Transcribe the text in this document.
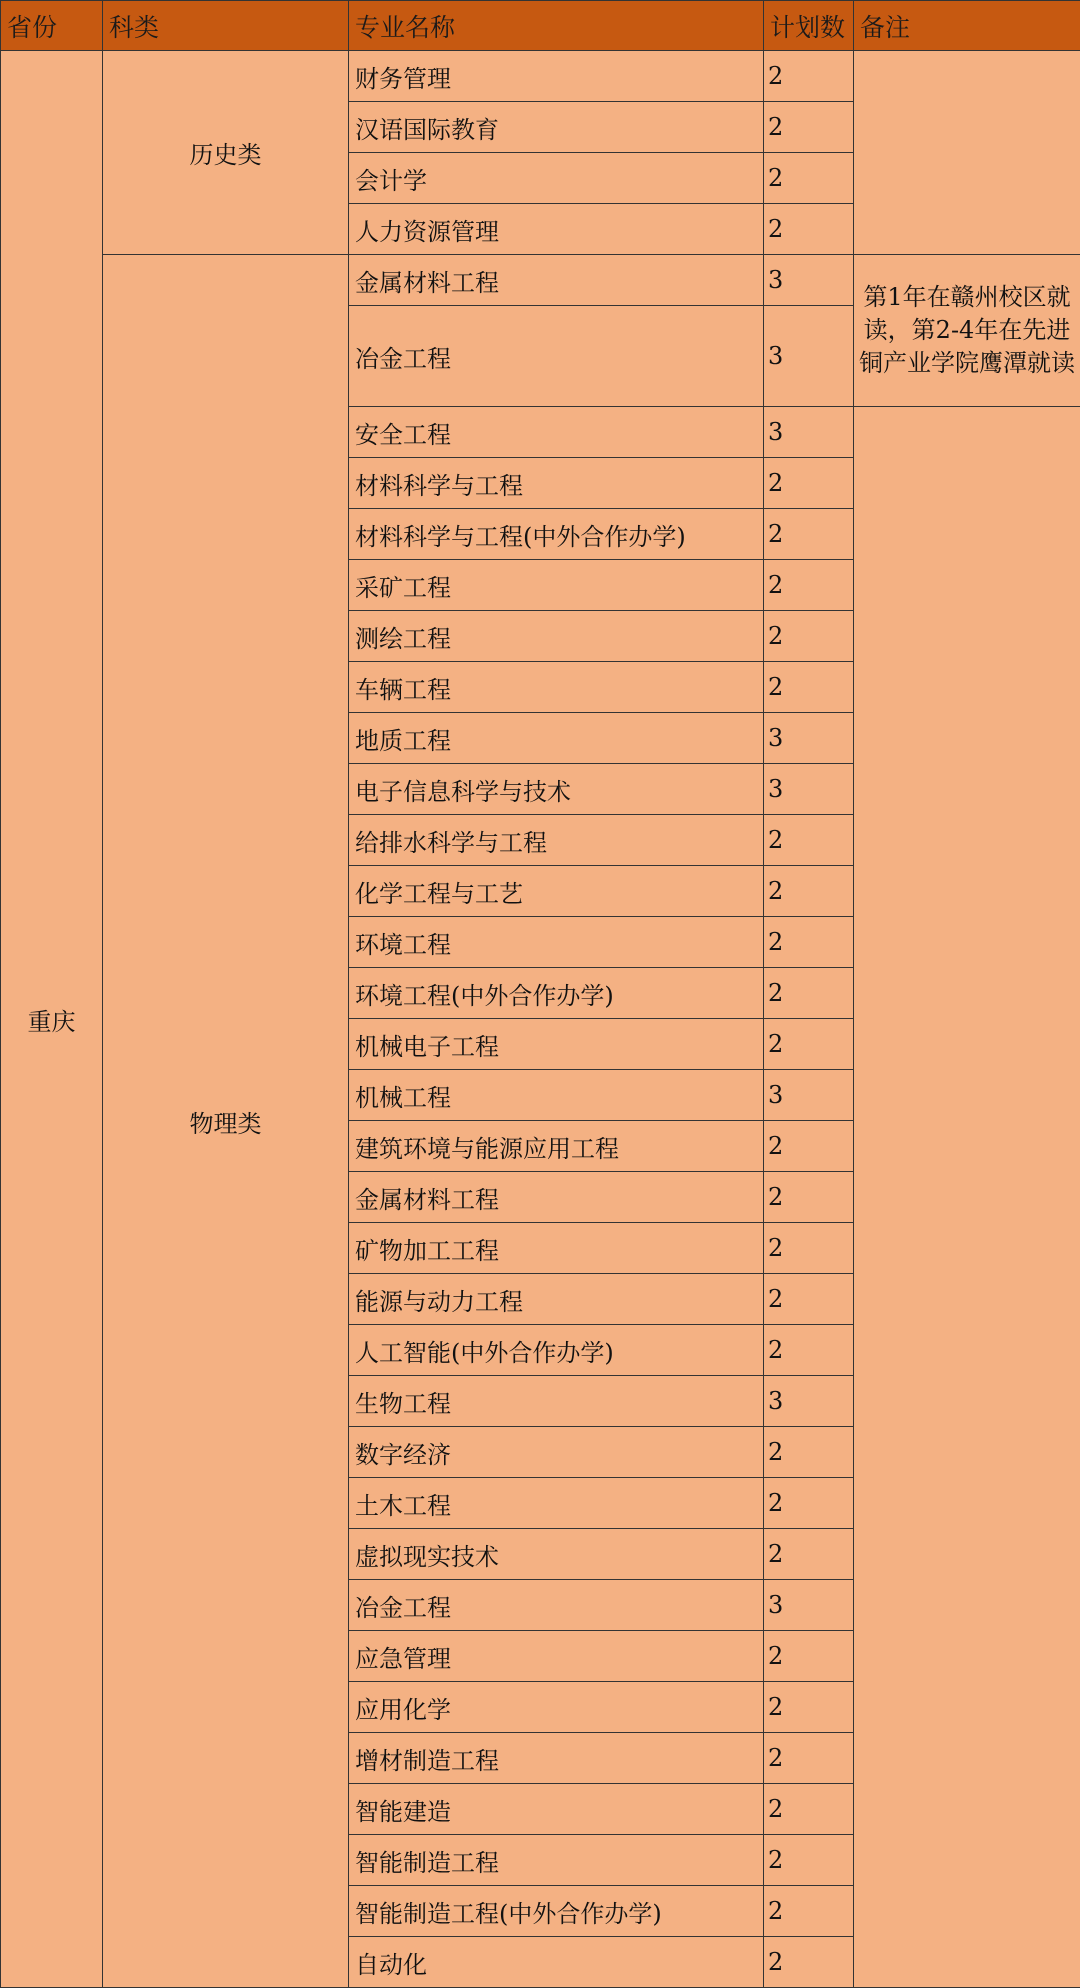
省份	科类	专业名称	计划数	备注
重庆	历史类	财务管理	2	
		汉语国际教育	2	
		会计学	2	
		人力资源管理	2	
	物理类	金属材料工程	3	第1年在赣州校区就读，第2-4年在先进铜产业学院鹰潭就读
		冶金工程	3	
		安全工程	3	
		材料科学与工程	2	
		材料科学与工程(中外合作办学)	2	
		采矿工程	2	
		测绘工程	2	
		车辆工程	2	
		地质工程	3	
		电子信息科学与技术	3	
		给排水科学与工程	2	
		化学工程与工艺	2	
		环境工程	2	
		环境工程(中外合作办学)	2	
		机械电子工程	2	
		机械工程	3	
		建筑环境与能源应用工程	2	
		金属材料工程	2	
		矿物加工工程	2	
		能源与动力工程	2	
		人工智能(中外合作办学)	2	
		生物工程	3	
		数字经济	2	
		土木工程	2	
		虚拟现实技术	2	
		冶金工程	3	
		应急管理	2	
		应用化学	2	
		增材制造工程	2	
		智能建造	2	
		智能制造工程	2	
		智能制造工程(中外合作办学)	2	
		自动化	2	
